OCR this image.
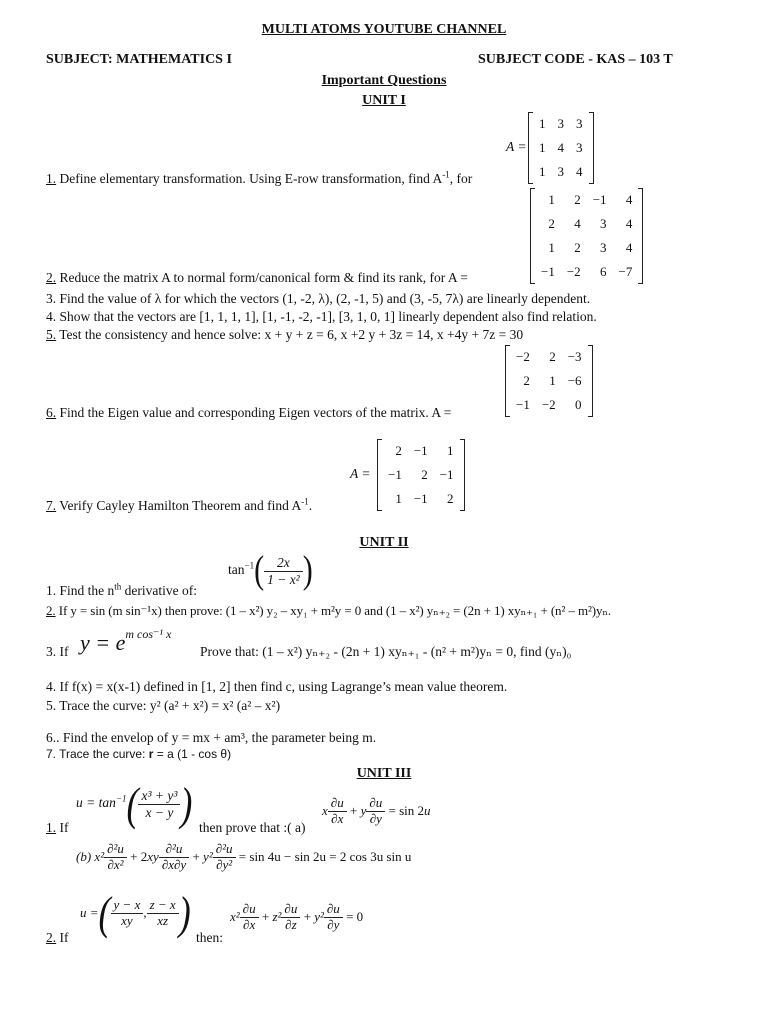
MULTI ATOMS YOUTUBE CHANNEL
SUBJECT: MATHEMATICS I	SUBJECT CODE - KAS – 103 T
Important Questions
UNIT I
A =
1	3	3
1	4	3
1	3	4
1. Define elementary transformation. Using E-row transformation, find $A^{-1}$, for
1	2	−1	4
2	4	3	4
1	2	3	4
−1	−2	6	−7
2. Reduce the matrix A to normal form/canonical form & find its rank, for A =
3. Find the value of λ for which the vectors (1, -2, λ), (2, -1, 5) and (3, -5, 7λ) are linearly dependent.
4. Show that the vectors are [1, 1, 1, 1], [1, -1, -2, -1], [3, 1, 0, 1] linearly dependent also find relation.
5. Test the consistency and hence solve: x + y + z = 6, x +2 y + 3z = 14, x +4y + 7z = 30
−2	2	−3
2	1	−6
−1	−2	0
6. Find the Eigen value and corresponding Eigen vectors of the matrix. A =
A =
2	−1	1
−1	2	−1
1	−1	2
7. Verify Cayley Hamilton Theorem and find $A^{-1}$.
UNIT II
$\tan^{-1}( \frac{2x}{\text{1 − x²}}$ )
1. Find the $n^{th}$ derivative of:
2. If y = sin (m sin⁻¹x) then prove: (1 – x²) y₂ – xy₁ + m²y = 0 and (1 – x²) yₙ₊₂ = (2n + 1) xyₙ₊₁ + (n² – m²)yₙ.
3. If $y = e^{m cos^{-1} x}$
Prove that: (1 – x²) yₙ₊₂ - (2n + 1) xyₙ₊₁ - (n² + m²)yₙ = 0, find (yₙ)₀
4. If f(x) = x(x-1) defined in [1, 2] then find c, using Lagrange’s mean value theorem.
5. Trace the curve: y² (a² + x²) = x² (a² – x²)
6.. Find the envelop of y = mx + am³, the parameter being m.
7. Trace the curve: r = a (1 - cos θ)
UNIT III
$u = \tan^{-1}( \frac{\text{x³ + y³}}{x - y}$ )
1. If	then prove that :( a)
x $\frac{\partial u}{\partial x} + y \frac{\partial u}{\partial y} = \sin 2u$
(b) $x^2 \frac{\text{∂²u}}{\text{∂x²}} + 2xy \frac{\text{∂²u}}{\partial x\partial y} + y^2 \frac{\text{∂²u}}{\text{∂y²}} = \sin 4u - \sin 2u = 2$ cos 3u sin u
u =( $\frac{y - x}{xy}$ , $\frac{z - x}{xz}$ )
2. If	then:
$x^2 \frac{\partial u}{\partial x} + z^2 \frac{\partial u}{\partial z} + y^2 \frac{\partial u}{\partial y} = 0$
